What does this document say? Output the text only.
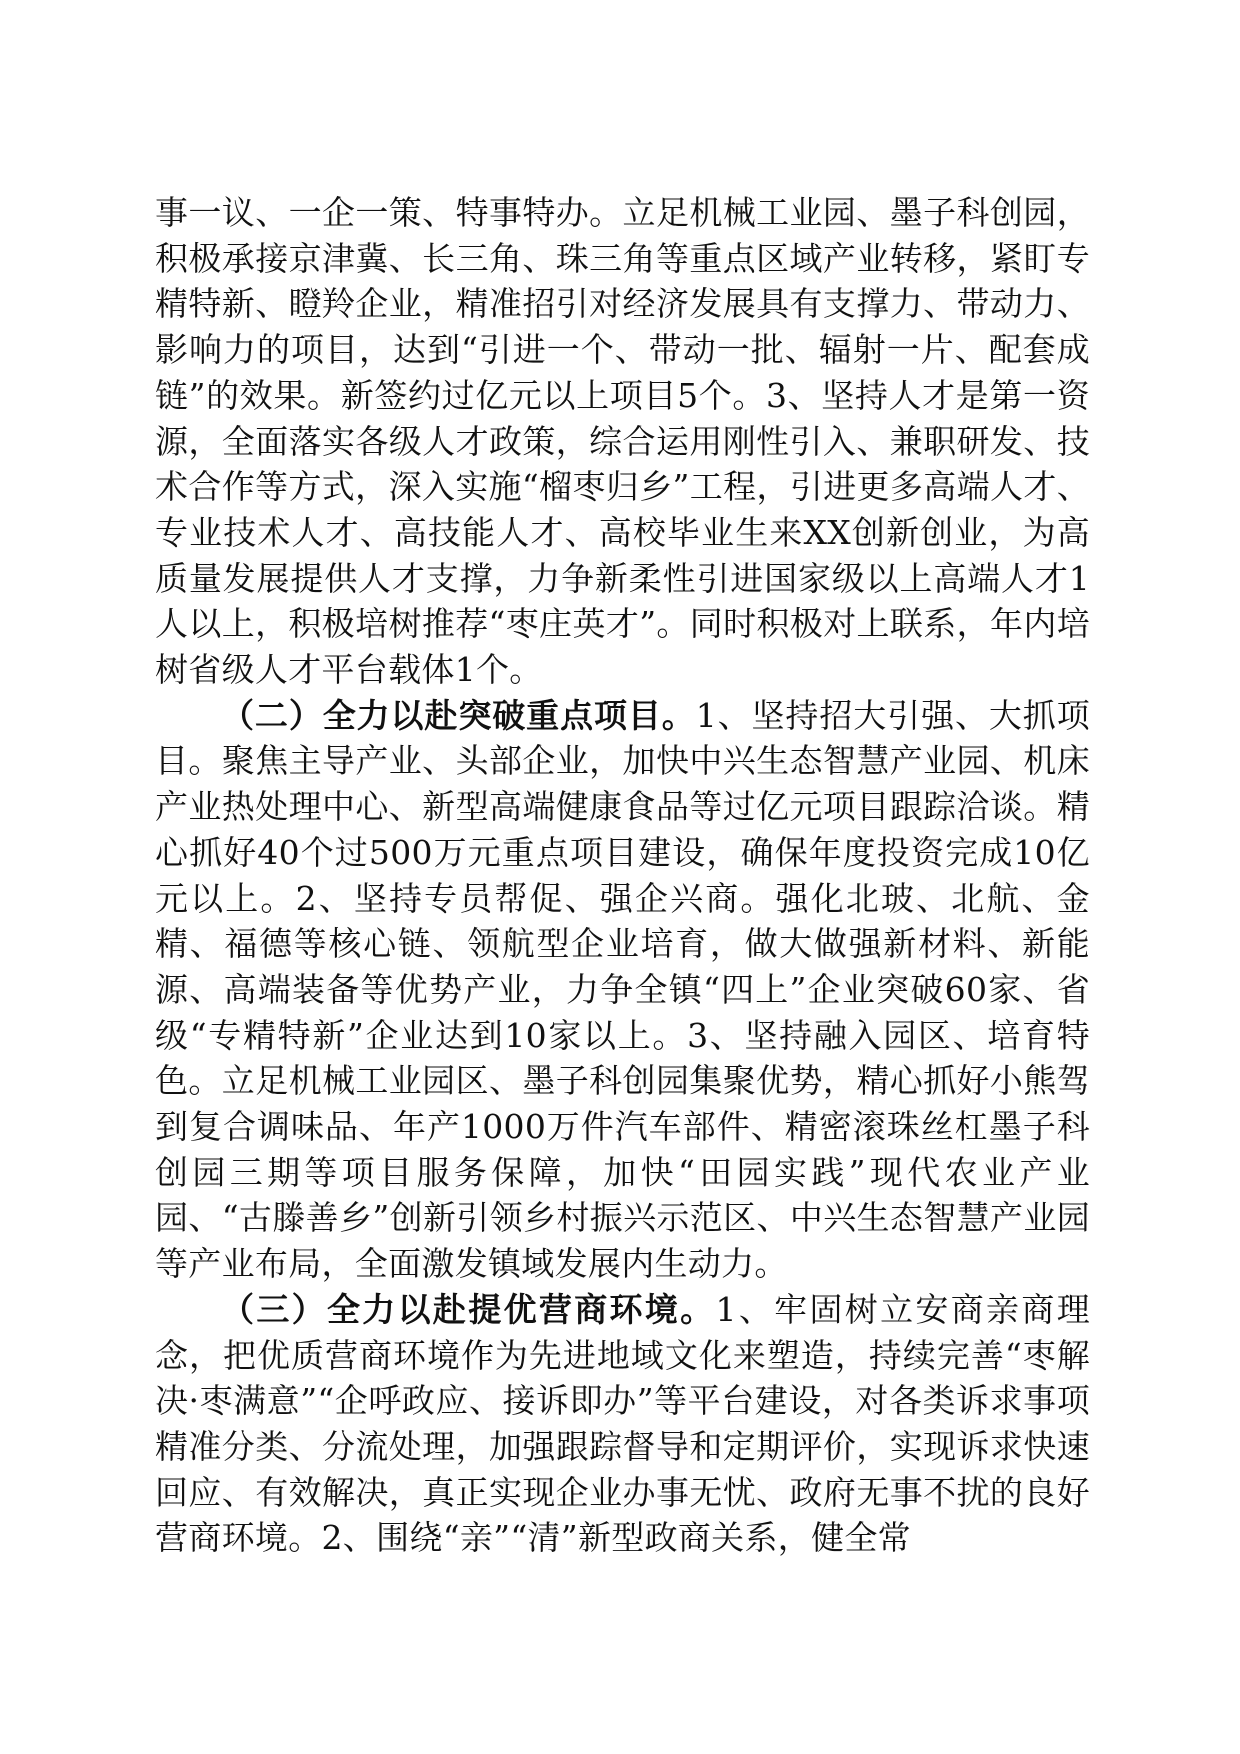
事一议、一企一策、特事特办。立足机械工业园、墨子科创园，积极承接京津冀、长三角、珠三角等重点区域产业转移，紧盯专精特新、瞪羚企业，精准招引对经济发展具有支撑力、带动力、影响力的项目，达到“引进一个、带动一批、辐射一片、配套成链”的效果。新签约过亿元以上项目5个。3、坚持人才是第一资源，全面落实各级人才政策，综合运用刚性引入、兼职研发、技术合作等方式，深入实施“榴枣归乡”工程，引进更多高端人才、专业技术人才、高技能人才、高校毕业生来XX创新创业，为高质量发展提供人才支撑，力争新柔性引进国家级以上高端人才1人以上，积极培树推荐“枣庄英才”。同时积极对上联系，年内培树省级人才平台载体1个。

（二）全力以赴突破重点项目。1、坚持招大引强、大抓项目。聚焦主导产业、头部企业，加快中兴生态智慧产业园、机床产业热处理中心、新型高端健康食品等过亿元项目跟踪洽谈。精心抓好40个过500万元重点项目建设，确保年度投资完成10亿元以上。2、坚持专员帮促、强企兴商。强化北玻、北航、金精、福德等核心链、领航型企业培育，做大做强新材料、新能源、高端装备等优势产业，力争全镇“四上”企业突破60家、省级“专精特新”企业达到10家以上。3、坚持融入园区、培育特色。立足机械工业园区、墨子科创园集聚优势，精心抓好小熊驾到复合调味品、年产1000万件汽车部件、精密滚珠丝杠墨子科创园三期等项目服务保障，加快“田园实践”现代农业产业园、“古滕善乡”创新引领乡村振兴示范区、中兴生态智慧产业园等产业布局，全面激发镇域发展内生动力。

（三）全力以赴提优营商环境。1、牢固树立安商亲商理念，把优质营商环境作为先进地域文化来塑造，持续完善“枣解决·枣满意”“企呼政应、接诉即办”等平台建设，对各类诉求事项精准分类、分流处理，加强跟踪督导和定期评价，实现诉求快速回应、有效解决，真正实现企业办事无忧、政府无事不扰的良好营商环境。2、围绕“亲”“清”新型政商关系，健全常
